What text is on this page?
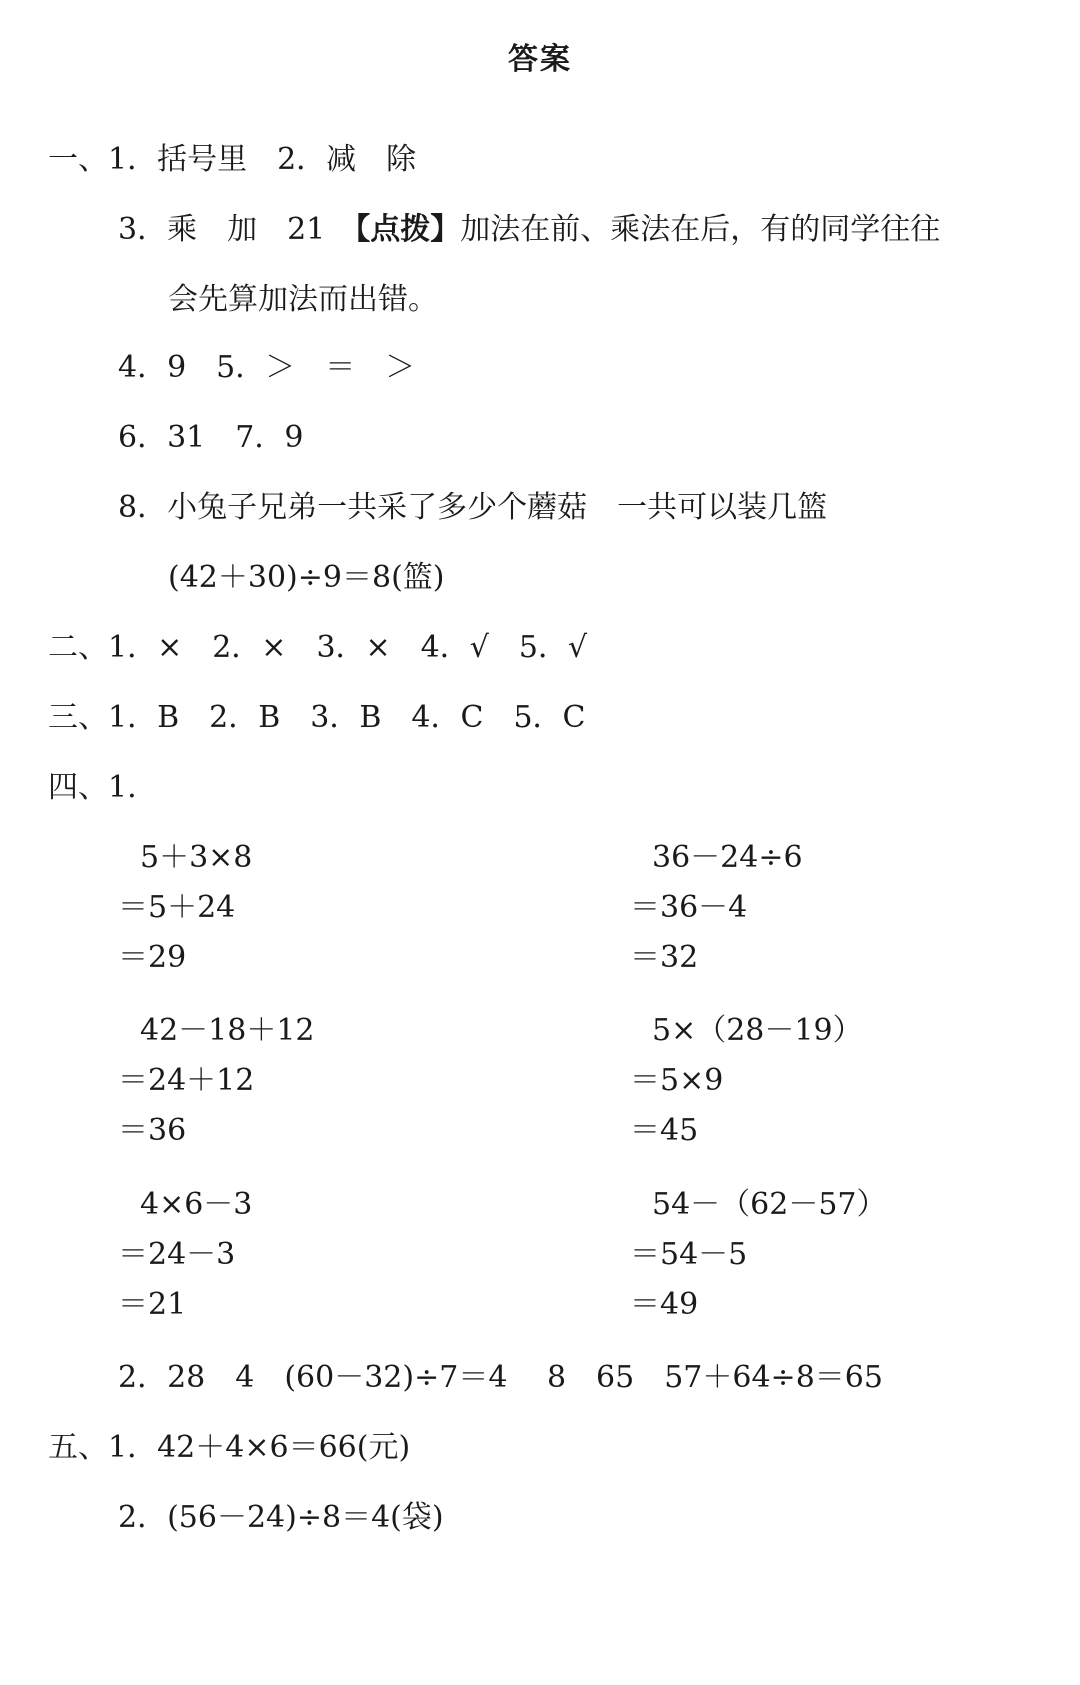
答案
一、1．括号里　2．减　除
3．乘　加　21　【点拨】加法在前、乘法在后，有的同学往往
会先算加法而出错。
4．9　5．＞　＝　＞
6．31　7．9
8．小兔子兄弟一共采了多少个蘑菇　一共可以装几篮
(42＋30)÷9＝8(篮)
二、1．×　2．×　3．×　4．√　5．√
三、1．B　2．B　3．B　4．C　5．C
四、1.
5＋3×8
＝5＋24
＝29
36－24÷6
＝36－4
＝32
42－18＋12
＝24＋12
＝36
5×（28－19）
＝5×9
＝45
4×6－3
＝24－3
＝21
54－（62－57）
＝54－5
＝49
2．28　4　(60－32)÷7＝4　 8　65　57＋64÷8＝65
五、1．42＋4×6＝66(元)
2．(56－24)÷8＝4(袋)
